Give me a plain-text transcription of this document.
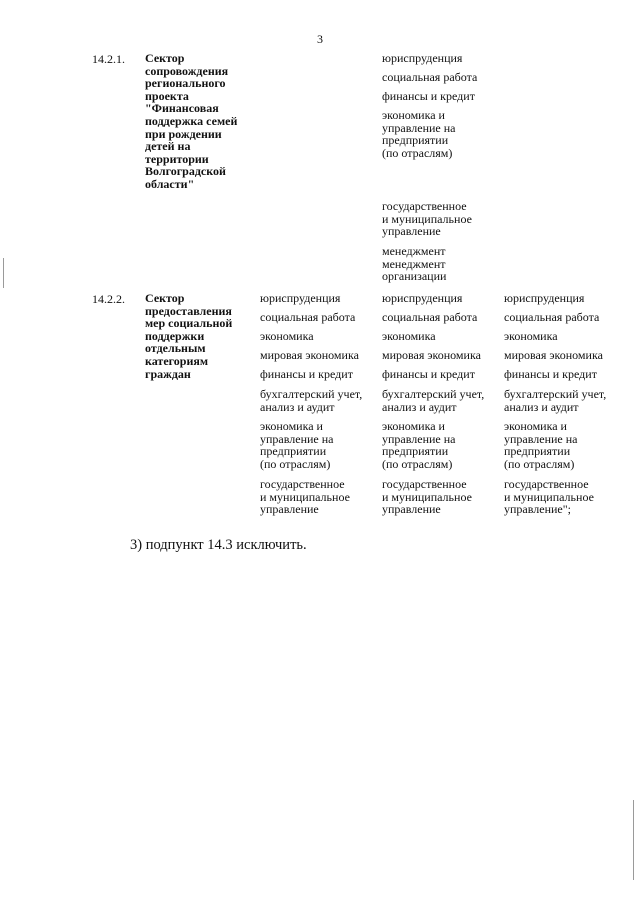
3
14.2.1. Сектор сопровождения регионального проекта "Финансовая поддержка семей при рождении детей на территории Волгоградской области"
юриспруденция
социальная работа
финансы и кредит
экономика и
управление на
предприятии
(по отраслям)
государственное
и муниципальное
управление
менеджмент
менеджмент
организации
14.2.2. Сектор предоставления мер социальной поддержки отдельным категориям граждан
юриспруденция
социальная работа
экономика
мировая экономика
финансы и кредит
бухгалтерский учет,
анализ и аудит
экономика и
управление на
предприятии
(по отраслям)
государственное
и муниципальное
управление
юриспруденция
социальная работа
экономика
мировая экономика
финансы и кредит
бухгалтерский учет,
анализ и аудит
экономика и
управление на
предприятии
(по отраслям)
государственное
и муниципальное
управление
юриспруденция
социальная работа
экономика
мировая экономика
финансы и кредит
бухгалтерский учет,
анализ и аудит
экономика и
управление на
предприятии
(по отраслям)
государственное
и муниципальное
управление";
3) подпункт 14.3 исключить.
